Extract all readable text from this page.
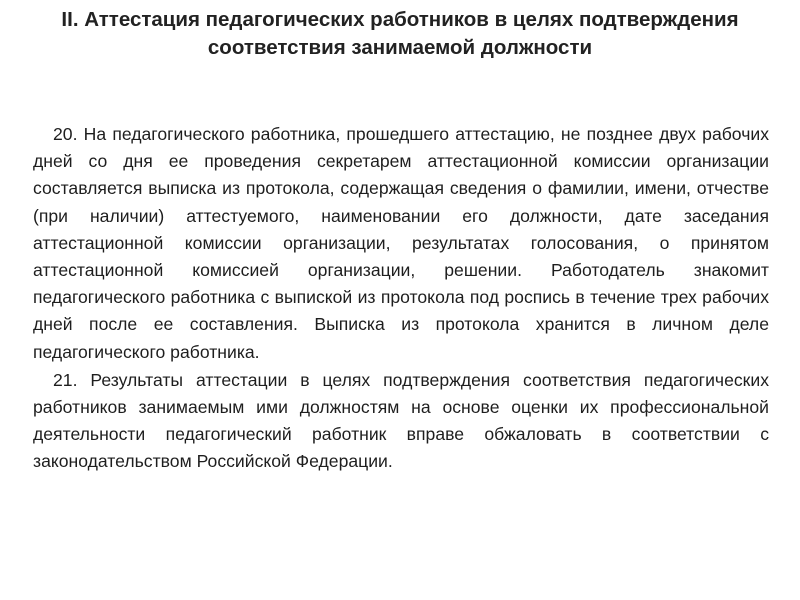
II. Аттестация педагогических работников в целях подтверждения соответствия занимаемой должности

20. На педагогического работника, прошедшего аттестацию, не позднее двух рабочих дней со дня ее проведения секретарем аттестационной комиссии организации составляется выписка из протокола, содержащая сведения о фамилии, имени, отчестве (при наличии) аттестуемого, наименовании его должности, дате заседания аттестационной комиссии организации, результатах голосования, о принятом аттестационной комиссией организации, решении. Работодатель знакомит педагогического работника с выпиской из протокола под роспись в течение трех рабочих дней после ее составления. Выписка из протокола хранится в личном деле педагогического работника.

21. Результаты аттестации в целях подтверждения соответствия педагогических работников занимаемым ими должностям на основе оценки их профессиональной деятельности педагогический работник вправе обжаловать в соответствии с законодательством Российской Федерации.
